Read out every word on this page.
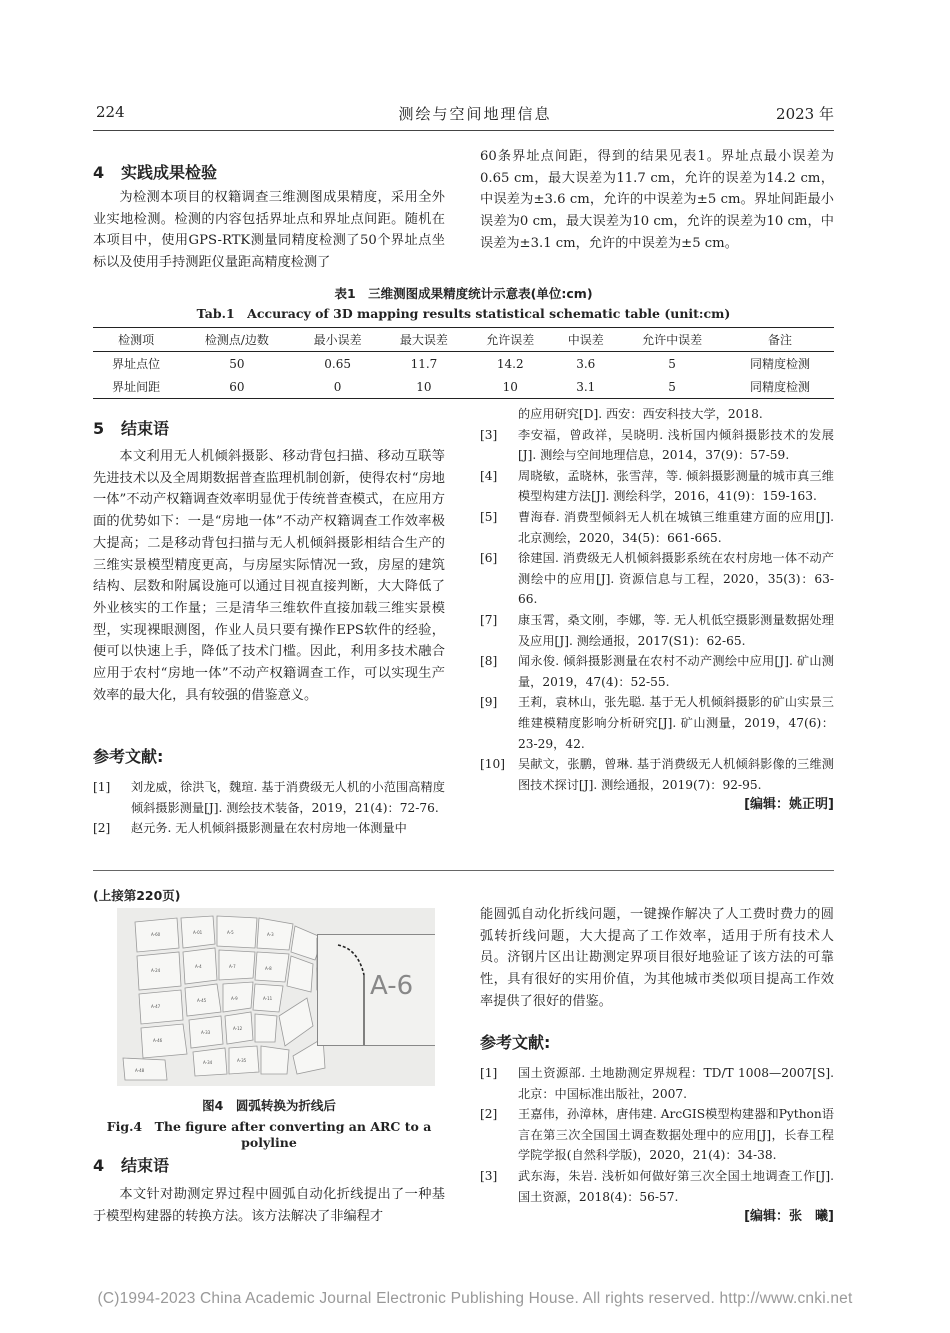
224	测绘与空间地理信息	2023 年
4 实践成果检验

为检测本项目的权籍调查三维测图成果精度，采用全外业实地检测。检测的内容包括界址点和界址点间距。随机在本项目中，使用GPS-RTK测量同精度检测了50个界址点坐标以及使用手持测距仪量距高精度检测了

60条界址点间距，得到的结果见表1。界址点最小误差为0.65 cm，最大误差为11.7 cm，允许的误差为14.2 cm，中误差为±3.6 cm，允许的中误差为±5 cm。界址间距最小误差为0 cm，最大误差为10 cm，允许的误差为10 cm，中误差为±3.1 cm，允许的中误差为±5 cm。

表1　三维测图成果精度统计示意表(单位:cm)
Tab.1　Accuracy of 3D mapping results statistical schematic table (unit:cm)
检测项	检测点/边数	最小误差	最大误差	允许误差	中误差	允许中误差	备注
界址点位	50	0.65	11.7	14.2	3.6	5	同精度检测
界址间距	60	0	10	10	3.1	5	同精度检测
5 结束语

本文利用无人机倾斜摄影、移动背包扫描、移动互联等先进技术以及全周期数据普查监理机制创新，使得农村“房地一体”不动产权籍调查效率明显优于传统普查模式，在应用方面的优势如下：一是“房地一体”不动产权籍调查工作效率极大提高；二是移动背包扫描与无人机倾斜摄影相结合生产的三维实景模型精度更高，与房屋实际情况一致，房屋的建筑结构、层数和附属设施可以通过目视直接判断，大大降低了外业核实的工作量；三是清华三维软件直接加载三维实景模型，实现裸眼测图，作业人员只要有操作EPS软件的经验，便可以快速上手，降低了技术门槛。因此，利用多技术融合应用于农村“房地一体”不动产权籍调查工作，可以实现生产效率的最大化，具有较强的借鉴意义。

参考文献:
[1]	刘龙威，徐洪飞，魏瑄. 基于消费级无人机的小范围高精度倾斜摄影测量[J]. 测绘技术装备，2019，21(4)：72-76.
[2]	赵元务. 无人机倾斜摄影测量在农村房地一体测量中
的应用研究[D]. 西安：西安科技大学，2018.
[3]	李安福，曾政祥，吴晓明. 浅析国内倾斜摄影技术的发展[J]. 测绘与空间地理信息，2014，37(9)：57-59.
[4]	周晓敏，孟晓林，张雪萍，等. 倾斜摄影测量的城市真三维模型构建方法[J]. 测绘科学，2016，41(9)：159-163.
[5]	曹海春. 消费型倾斜无人机在城镇三维重建方面的应用[J]. 北京测绘，2020，34(5)：661-665.
[6]	徐建国. 消费级无人机倾斜摄影系统在农村房地一体不动产测绘中的应用[J]. 资源信息与工程，2020，35(3)：63-66.
[7]	康玉霄，桑文刚，李娜，等. 无人机低空摄影测量数据处理及应用[J]. 测绘通报，2017(S1)：62-65.
[8]	闻永俊. 倾斜摄影测量在农村不动产测绘中应用[J]. 矿山测量，2019，47(4)：52-55.
[9]	王莉，袁林山，张先聪. 基于无人机倾斜摄影的矿山实景三维建模精度影响分析研究[J]. 矿山测量，2019，47(6)：23-29，42.
[10]	吴献文，张鹏，曾琳. 基于消费级无人机倾斜影像的三维测图技术探讨[J]. 测绘通报，2019(7)：92-95.
[编辑：姚正明]
(上接第220页)
A-60	A-01	A-5	A-3
A-24
A-4	A-7	A-8
A-47
A-45	A-9	A-11
A-46
A-33
A-12
A-48
A-34	A-35
A-6
图4　圆弧转换为折线后
Fig.4　The figure after converting an ARC to a polyline
4 结束语

本文针对勘测定界过程中圆弧自动化折线提出了一种基于模型构建器的转换方法。该方法解决了非编程才

能圆弧自动化折线问题，一键操作解决了人工费时费力的圆弧转折线问题，大大提高了工作效率，适用于所有技术人员。济钢片区出让勘测定界项目很好地验证了该方法的可靠性，具有很好的实用价值，为其他城市类似项目提高工作效率提供了很好的借鉴。

参考文献:
[1]	国土资源部. 土地勘测定界规程：TD/T 1008—2007[S]. 北京：中国标准出版社，2007.
[2]	王嘉伟，孙漳林，唐伟建. ArcGIS模型构建器和Python语言在第三次全国国土调查数据处理中的应用[J]，长春工程学院学报(自然科学版)，2020，21(4)：34-38.
[3]	武东海，朱岩. 浅析如何做好第三次全国土地调查工作[J]. 国土资源，2018(4)：56-57.
[编辑：张　曦]
(C)1994-2023 China Academic Journal Electronic Publishing House. All rights reserved. http://www.cnki.net
